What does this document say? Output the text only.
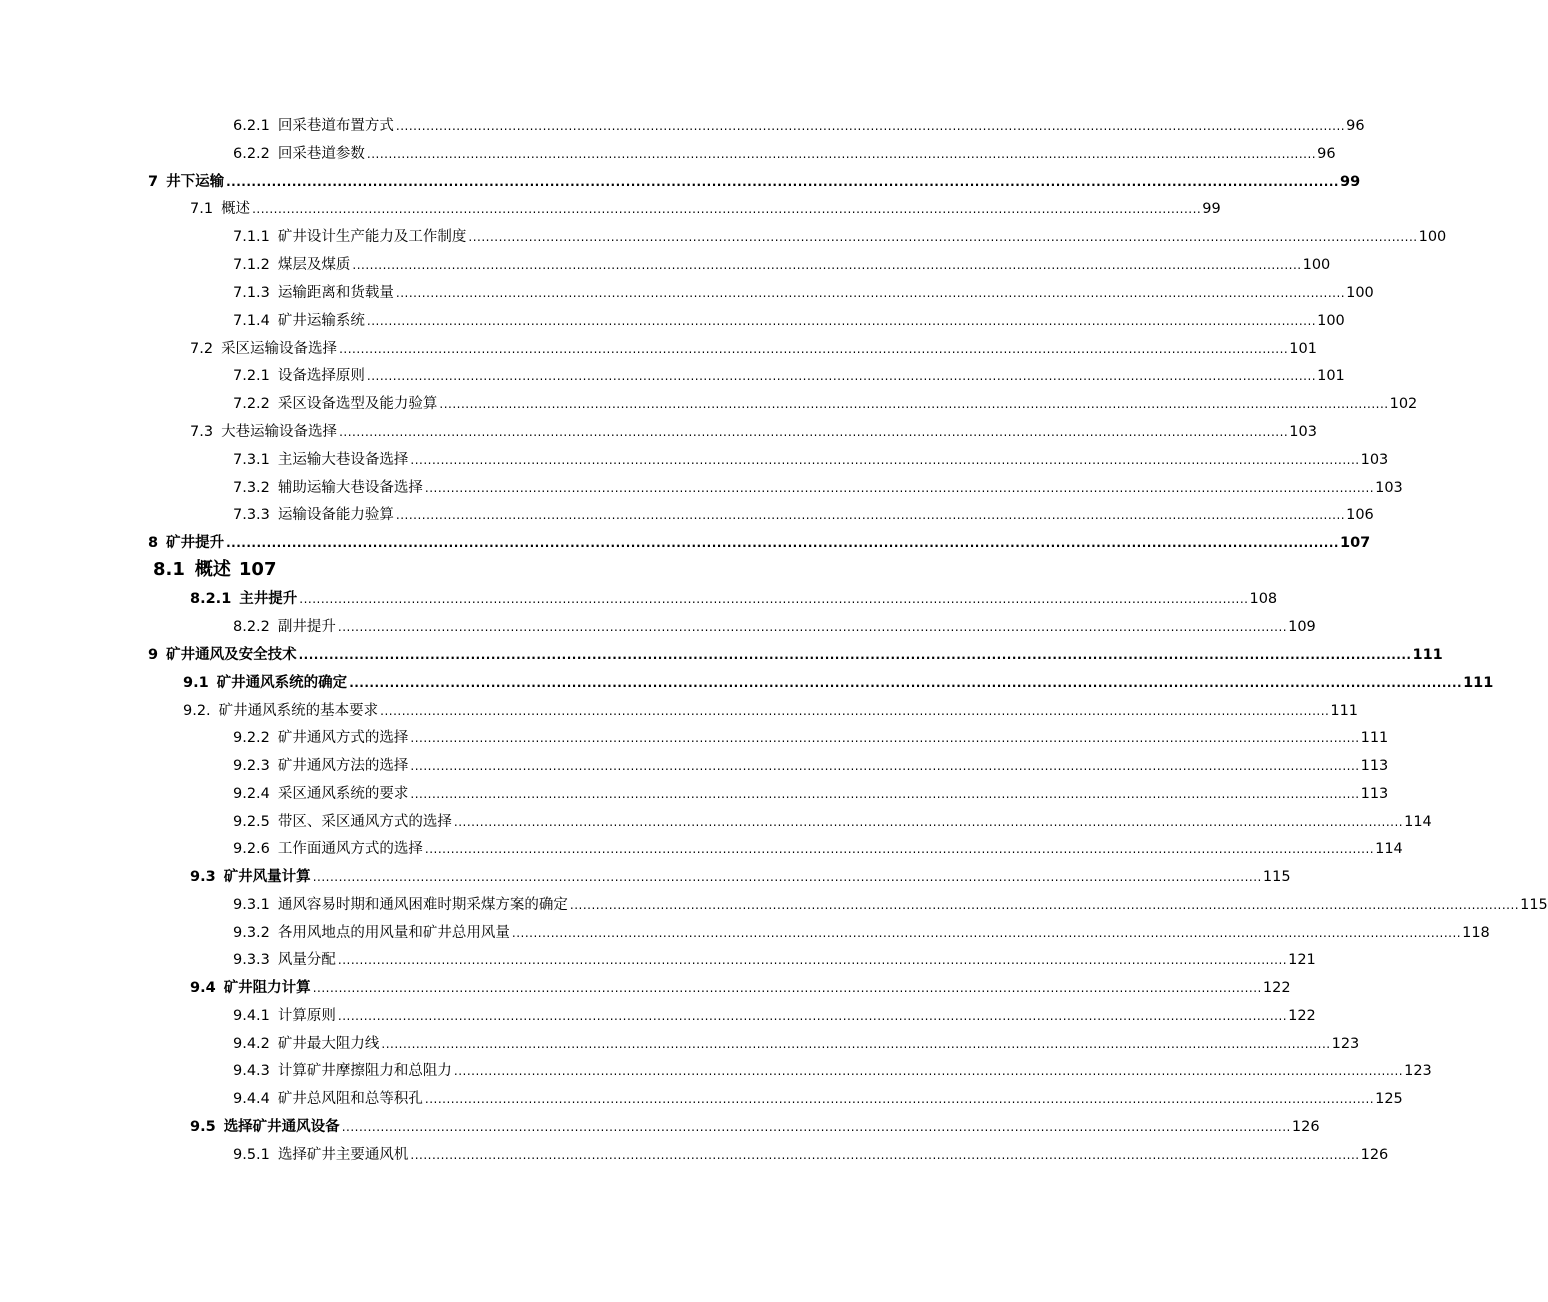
6.2.1 回采巷道布置方式 ............................................................................................................................................................................................................................ 96
6.2.2 回采巷道参数 ............................................................................................................................................................................................................................ 96
7 井下运输 ............................................................................................................................................................................................................................ 99
7.1 概述 ............................................................................................................................................................................................................................ 99
7.1.1 矿井设计生产能力及工作制度 ............................................................................................................................................................................................................................ 100
7.1.2 煤层及煤质 ............................................................................................................................................................................................................................ 100
7.1.3 运输距离和货载量 ............................................................................................................................................................................................................................ 100
7.1.4 矿井运输系统 ............................................................................................................................................................................................................................ 100
7.2 采区运输设备选择 ............................................................................................................................................................................................................................ 101
7.2.1 设备选择原则 ............................................................................................................................................................................................................................ 101
7.2.2 采区设备选型及能力验算 ............................................................................................................................................................................................................................ 102
7.3 大巷运输设备选择 ............................................................................................................................................................................................................................ 103
7.3.1 主运输大巷设备选择 ............................................................................................................................................................................................................................ 103
7.3.2 辅助运输大巷设备选择 ............................................................................................................................................................................................................................ 103
7.3.3 运输设备能力验算 ............................................................................................................................................................................................................................ 106
8 矿井提升 ............................................................................................................................................................................................................................ 107
8.1 概述 107
8.2.1 主井提升 ............................................................................................................................................................................................................................ 108
8.2.2 副井提升 ............................................................................................................................................................................................................................ 109
9 矿井通风及安全技术 ............................................................................................................................................................................................................................ 111
9.1 矿井通风系统的确定 ............................................................................................................................................................................................................................ 111
9.2. 矿井通风系统的基本要求 ............................................................................................................................................................................................................................ 111
9.2.2 矿井通风方式的选择 ............................................................................................................................................................................................................................ 111
9.2.3 矿井通风方法的选择 ............................................................................................................................................................................................................................ 113
9.2.4 采区通风系统的要求 ............................................................................................................................................................................................................................ 113
9.2.5 带区、采区通风方式的选择 ............................................................................................................................................................................................................................ 114
9.2.6 工作面通风方式的选择 ............................................................................................................................................................................................................................ 114
9.3 矿井风量计算 ............................................................................................................................................................................................................................ 115
9.3.1 通风容易时期和通风困难时期采煤方案的确定 ............................................................................................................................................................................................................................ 115
9.3.2 各用风地点的用风量和矿井总用风量 ............................................................................................................................................................................................................................ 118
9.3.3 风量分配 ............................................................................................................................................................................................................................ 121
9.4 矿井阻力计算 ............................................................................................................................................................................................................................ 122
9.4.1 计算原则 ............................................................................................................................................................................................................................ 122
9.4.2 矿井最大阻力线 ............................................................................................................................................................................................................................ 123
9.4.3 计算矿井摩擦阻力和总阻力 ............................................................................................................................................................................................................................ 123
9.4.4 矿井总风阻和总等积孔 ............................................................................................................................................................................................................................ 125
9.5 选择矿井通风设备 ............................................................................................................................................................................................................................ 126
9.5.1 选择矿井主要通风机 ............................................................................................................................................................................................................................ 126
